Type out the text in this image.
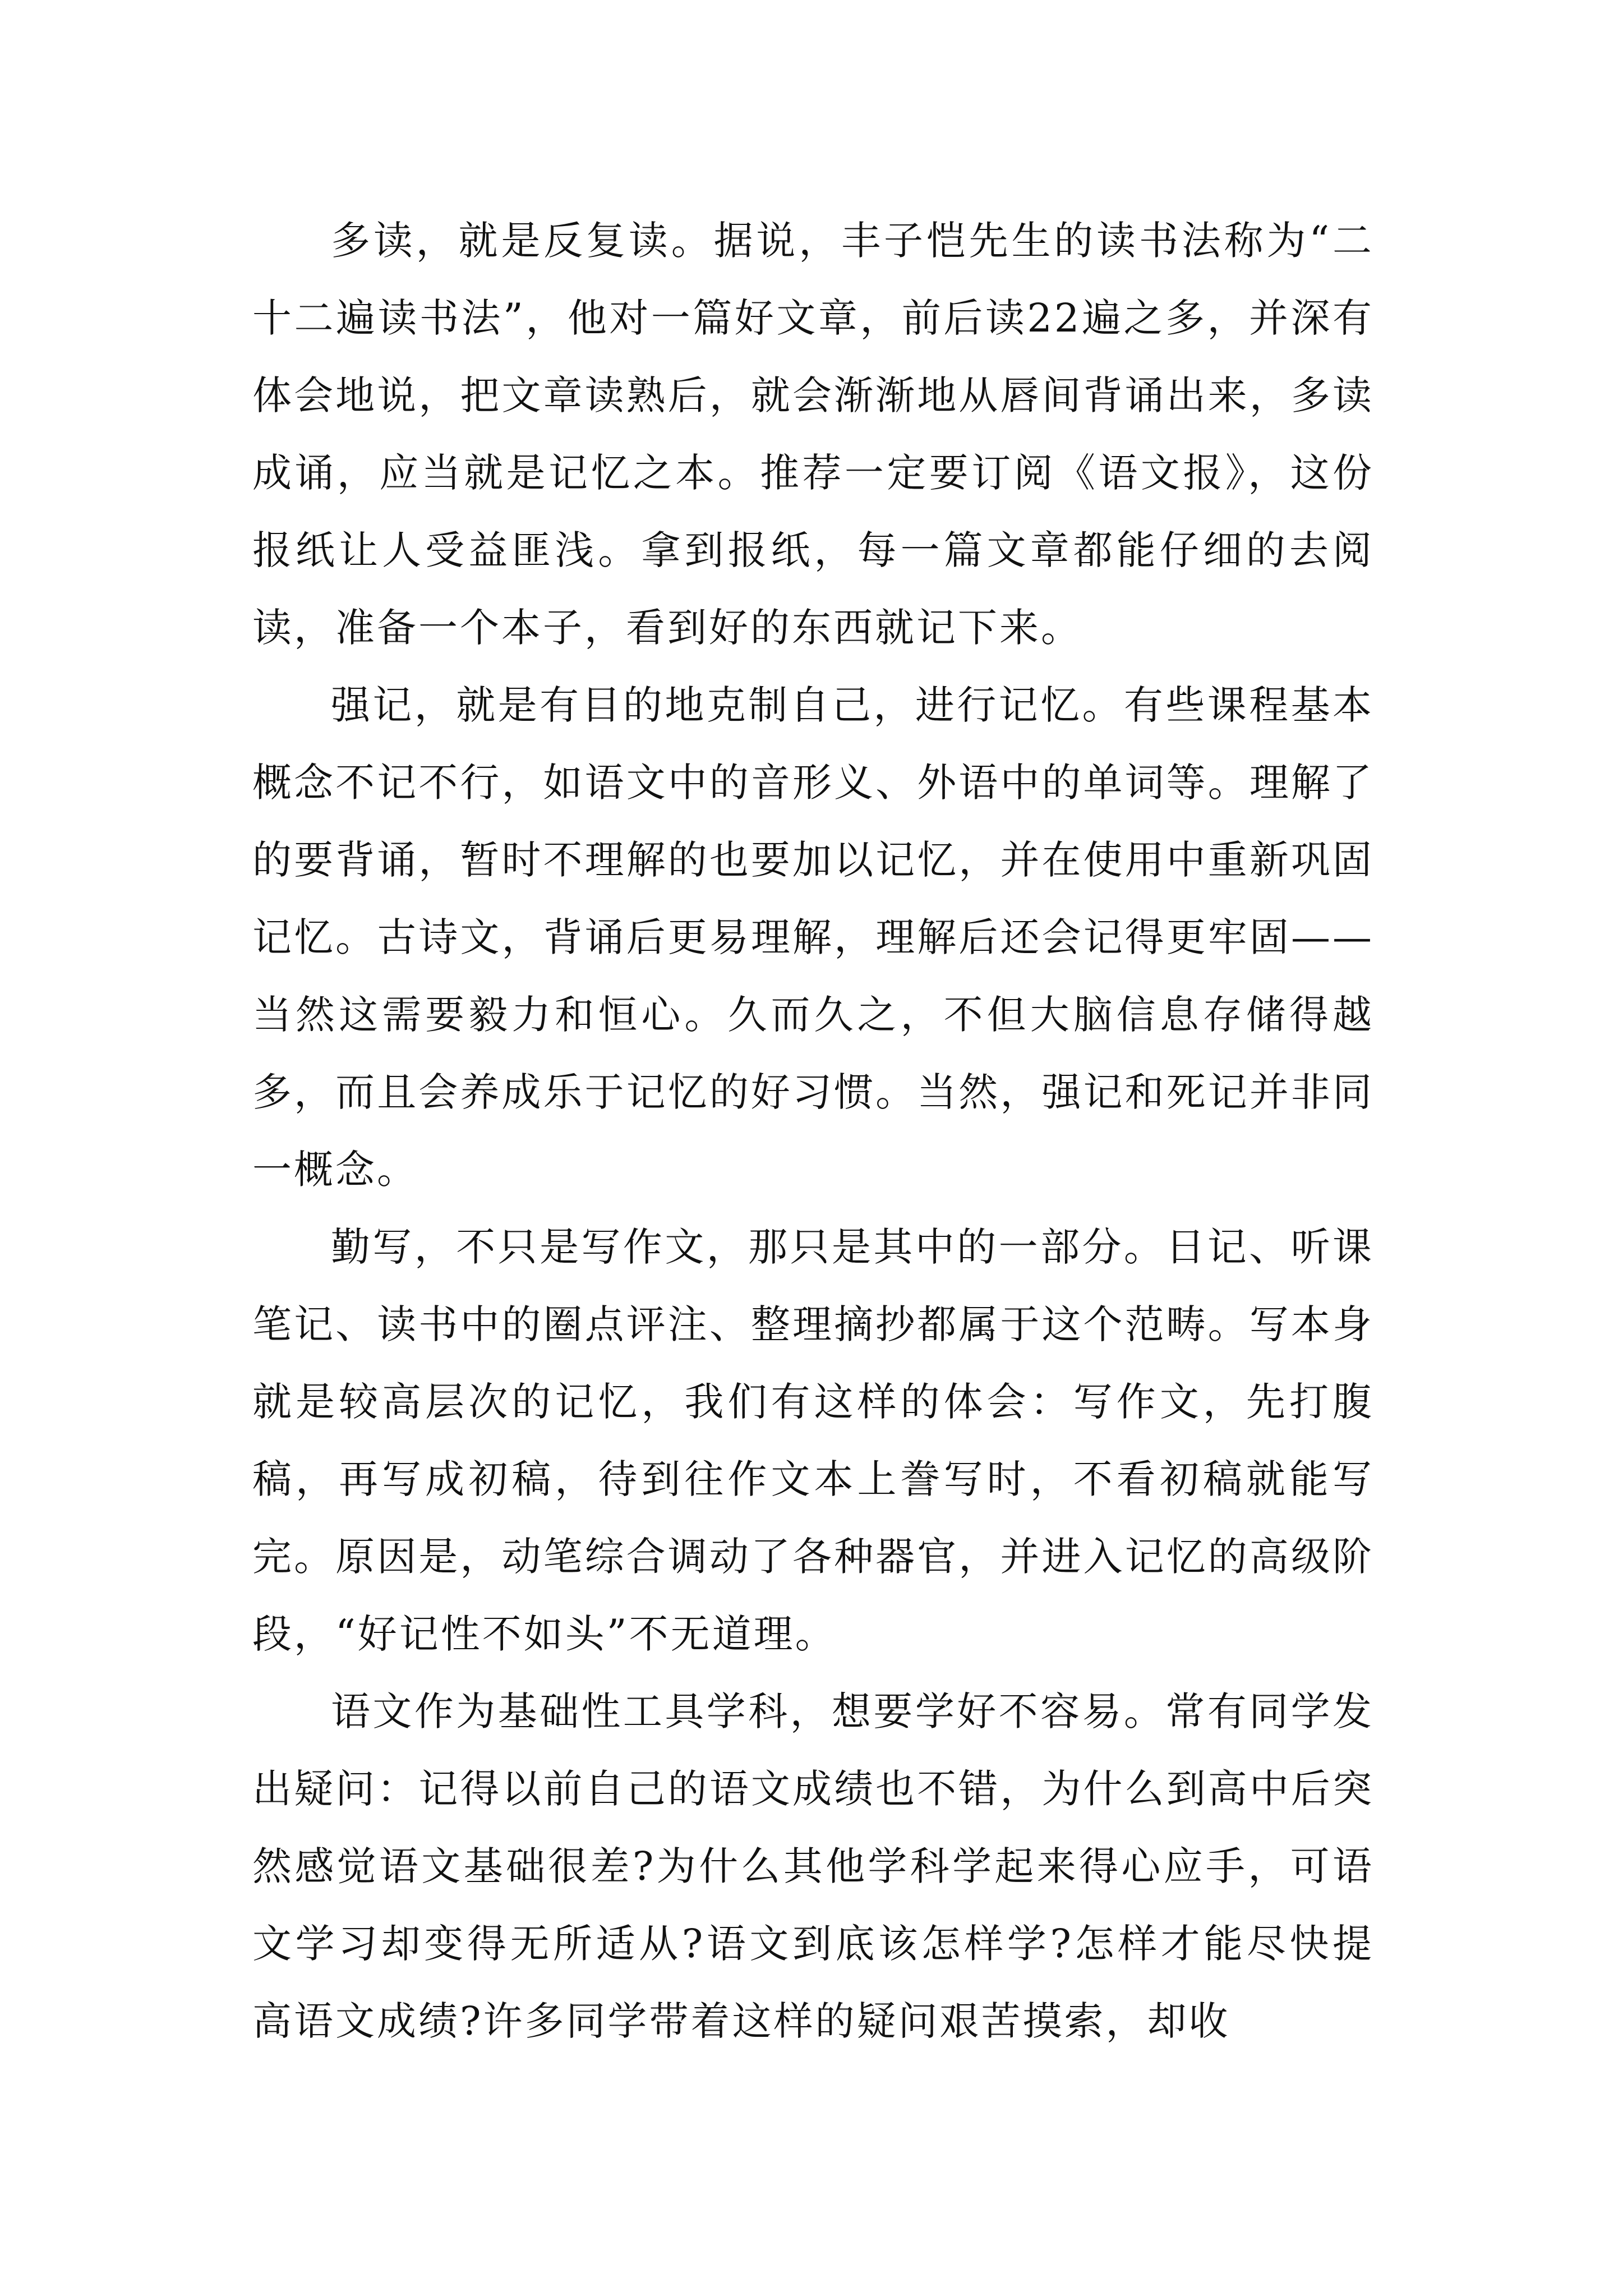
多读，就是反复读。据说，丰子恺先生的读书法称为“二十二遍读书法”，他对一篇好文章，前后读22遍之多，并深有体会地说，把文章读熟后，就会渐渐地从唇间背诵出来，多读成诵，应当就是记忆之本。推荐一定要订阅《语文报》，这份报纸让人受益匪浅。拿到报纸，每一篇文章都能仔细的去阅读，准备一个本子，看到好的东西就记下来。

强记，就是有目的地克制自己，进行记忆。有些课程基本概念不记不行，如语文中的音形义、外语中的单词等。理解了的要背诵，暂时不理解的也要加以记忆，并在使用中重新巩固记忆。古诗文，背诵后更易理解，理解后还会记得更牢固——当然这需要毅力和恒心。久而久之，不但大脑信息存储得越多，而且会养成乐于记忆的好习惯。当然，强记和死记并非同一概念。

勤写，不只是写作文，那只是其中的一部分。日记、听课笔记、读书中的圈点评注、整理摘抄都属于这个范畴。写本身就是较高层次的记忆，我们有这样的体会：写作文，先打腹稿，再写成初稿，待到往作文本上誊写时，不看初稿就能写完。原因是，动笔综合调动了各种器官，并进入记忆的高级阶段，“好记性不如头”不无道理。

语文作为基础性工具学科，想要学好不容易。常有同学发出疑问：记得以前自己的语文成绩也不错，为什么到高中后突然感觉语文基础很差?为什么其他学科学起来得心应手，可语文学习却变得无所适从?语文到底该怎样学?怎样才能尽快提高语文成绩?许多同学带着这样的疑问艰苦摸索，却收
